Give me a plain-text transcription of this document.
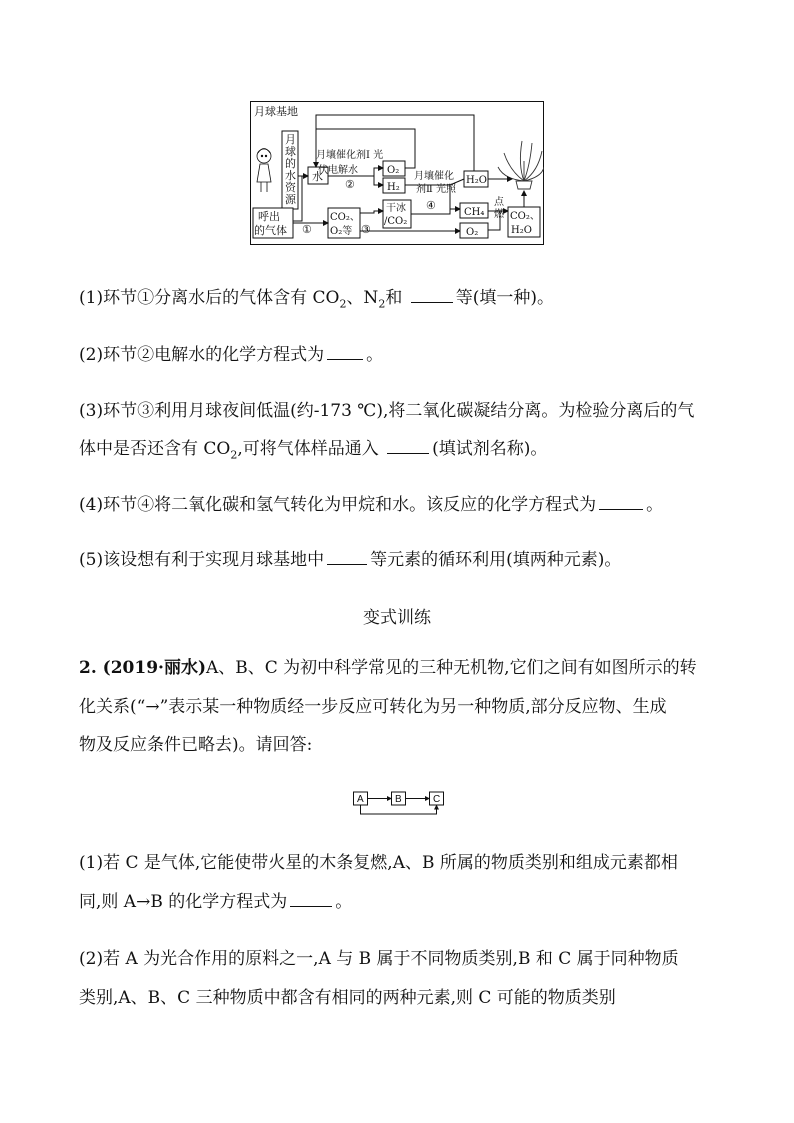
月球基地
月
球
的
水
资
源
呼出
的气体
水
月壤催化剂Ⅰ 光
伏电解水
②
O₂
H₂
①
CO₂、
O₂等 ③
干冰
/CO₂
月壤催化
剂Ⅱ 光照
④
H₂O
CH₄
O₂
点
燃 CO₂、
H₂O
(1)环节①分离水后的气体含有 $CO_2$、$N_2$和	等(填一种)。
(2)环节②电解水的化学方程式为 。
(3)环节③利用月球夜间低温(约-173 ℃),将二氧化碳凝结分离。为检验分离后的气
体中是否还含有 $CO_2$,可将气体样品通入	(填试剂名称)。
(4)环节④将二氧化碳和氢气转化为甲烷和水。该反应的化学方程式为	。
(5)该设想有利于实现月球基地中	等元素的循环利用(填两种元素)。
变式训练
2. (2019·丽水)A、B、C 为初中科学常见的三种无机物,它们之间有如图所示的转
化关系(“→”表示某一种物质经一步反应可转化为另一种物质,部分反应物、生成
物及反应条件已略去)。请回答:
A	B	C
(1)若 C 是气体,它能使带火星的木条复燃,A、B 所属的物质类别和组成元素都相
同,则 A→B 的化学方程式为	。
(2)若 A 为光合作用的原料之一,A 与 B 属于不同物质类别,B 和 C 属于同种物质
类别,A、B、C 三种物质中都含有相同的两种元素,则 C 可能的物质类别
